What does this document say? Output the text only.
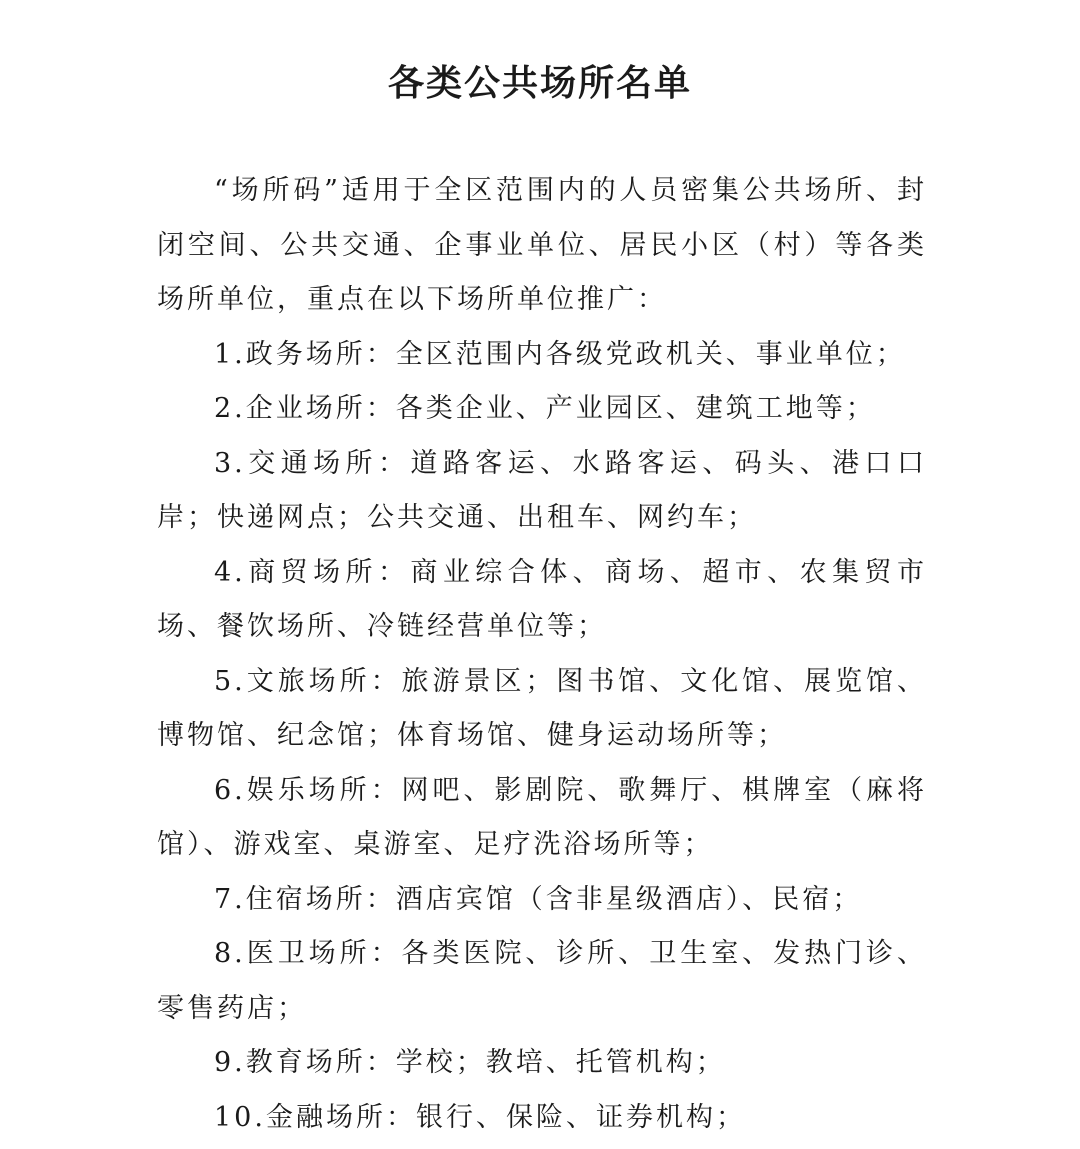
各类公共场所名单

“场所码”适用于全区范围内的人员密集公共场所、封闭空间、公共交通、企事业单位、居民小区（村）等各类场所单位，重点在以下场所单位推广：

1.政务场所：全区范围内各级党政机关、事业单位；

2.企业场所：各类企业、产业园区、建筑工地等；

3.交通场所：道路客运、水路客运、码头、港口口岸；快递网点；公共交通、出租车、网约车；

4.商贸场所：商业综合体、商场、超市、农集贸市场、餐饮场所、冷链经营单位等；

5.文旅场所：旅游景区；图书馆、文化馆、展览馆、博物馆、纪念馆；体育场馆、健身运动场所等；

6.娱乐场所：网吧、影剧院、歌舞厅、棋牌室（麻将馆）、游戏室、桌游室、足疗洗浴场所等；

7.住宿场所：酒店宾馆（含非星级酒店）、民宿；

8.医卫场所：各类医院、诊所、卫生室、发热门诊、零售药店；

9.教育场所：学校；教培、托管机构；

10.金融场所：银行、保险、证券机构；
